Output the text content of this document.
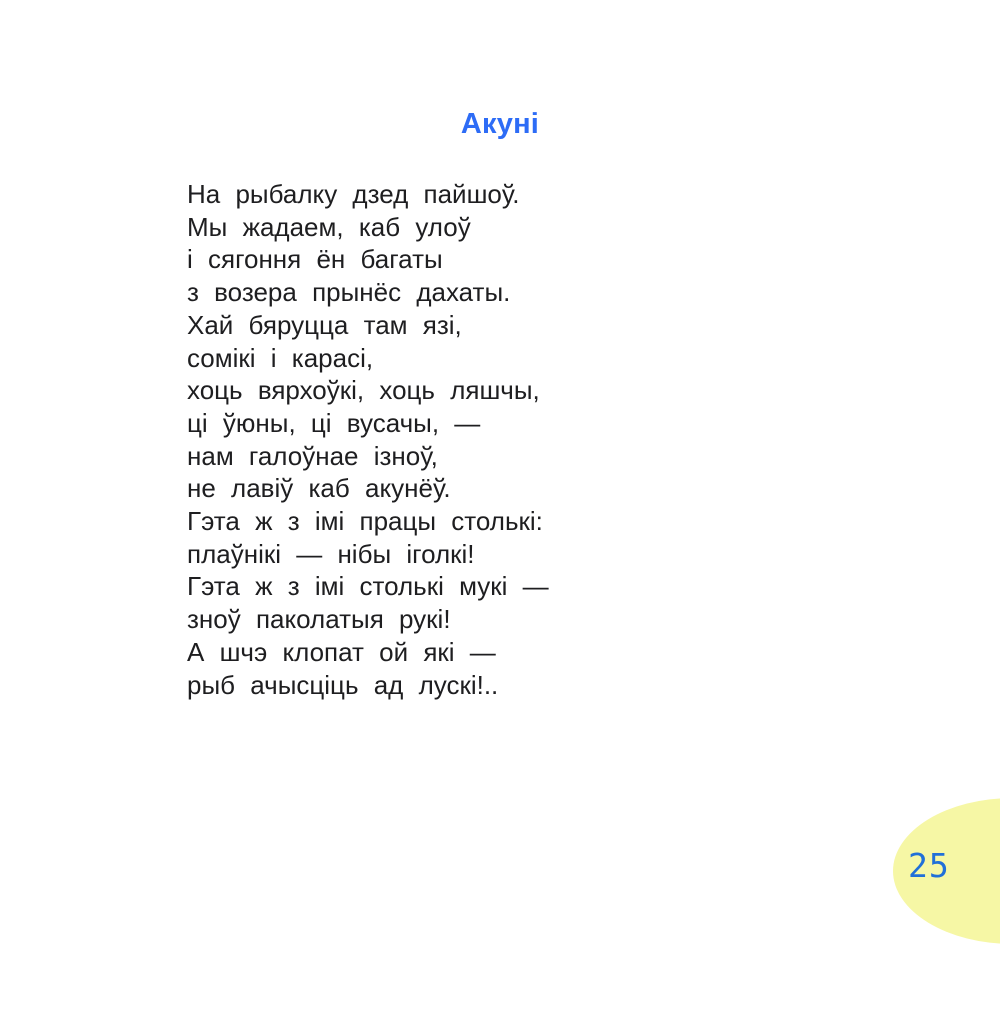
Акуні
На рыбалку дзед пайшоў.
Мы жадаем, каб улоў
і сягоння ён багаты
з возера прынёс дахаты.
Хай бяруцца там язі,
сомікі і карасі,
хоць вярхоўкі, хоць ляшчы,
ці ўюны, ці вусачы, —
нам галоўнае ізноў,
не лавіў каб акунёў.
Гэта ж з імі працы столькі:
плаўнікі — нібы іголкі!
Гэта ж з імі столькі мукі —
зноў паколатыя рукі!
А шчэ клопат ой які —
рыб ачысціць ад лускі!..
25
